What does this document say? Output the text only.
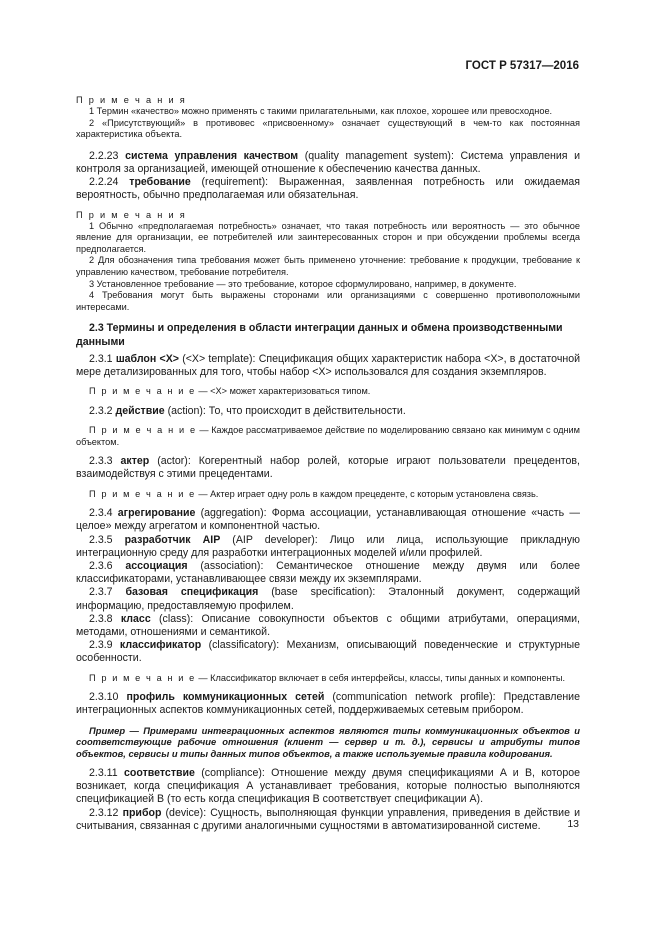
ГОСТ Р 57317—2016

П р и м е ч а н и я

1 Термин «качество» можно применять с такими прилагательными, как плохое, хорошее или превосходное.

2 «Присутствующий» в противовес «присвоенному» означает существующий в чем-то как постоянная характеристика объекта.

2.2.23 система управления качеством (quality management system): Система управления и контроля за организацией, имеющей отношение к обеспечению качества данных.

2.2.24 требование (requirement): Выраженная, заявленная потребность или ожидаемая вероятность, обычно предполагаемая или обязательная.

П р и м е ч а н и я

1 Обычно «предполагаемая потребность» означает, что такая потребность или вероятность — это обычное явление для организации, ее потребителей или заинтересованных сторон и при обсуждении проблемы всегда предполагается.

2 Для обозначения типа требования может быть применено уточнение: требование к продукции, требование к управлению качеством, требование потребителя.

3 Установленное требование — это требование, которое сформулировано, например, в документе.

4 Требования могут быть выражены сторонами или организациями с совершенно противоположными интересами.

2.3 Термины и определения в области интеграции данных и обмена производственными данными

2.3.1 шаблон <X> (<X> template): Спецификация общих характеристик набора <X>, в достаточной мере детализированных для того, чтобы набор <X> использовался для создания экземпляров.

П р и м е ч а н и е — <X> может характеризоваться типом.

2.3.2 действие (action): То, что происходит в действительности.

П р и м е ч а н и е — Каждое рассматриваемое действие по моделированию связано как минимум с одним объектом.

2.3.3 актер (actor): Когерентный набор ролей, которые играют пользователи прецедентов, взаимодействуя с этими прецедентами.

П р и м е ч а н и е — Актер играет одну роль в каждом прецеденте, с которым установлена связь.

2.3.4 агрегирование (aggregation): Форма ассоциации, устанавливающая отношение «часть — целое» между агрегатом и компонентной частью.

2.3.5 разработчик AIP (AIP developer): Лицо или лица, использующие прикладную интеграционную среду для разработки интеграционных моделей и/или профилей.

2.3.6 ассоциация (association): Семантическое отношение между двумя или более классификаторами, устанавливающее связи между их экземплярами.

2.3.7 базовая спецификация (base specification): Эталонный документ, содержащий информацию, предоставляемую профилем.

2.3.8 класс (class): Описание совокупности объектов с общими атрибутами, операциями, методами, отношениями и семантикой.

2.3.9 классификатор (classificatory): Механизм, описывающий поведенческие и структурные особенности.

П р и м е ч а н и е — Классификатор включает в себя интерфейсы, классы, типы данных и компоненты.

2.3.10 профиль коммуникационных сетей (communication network profile): Представление интеграционных аспектов коммуникационных сетей, поддерживаемых сетевым прибором.

Пример — Примерами интеграционных аспектов являются типы коммуникационных объектов и соответствующие рабочие отношения (клиент — сервер и т. д.), сервисы и атрибуты типов объектов, сервисы и типы данных типов объектов, а также используемые правила кодирования.

2.3.11 соответствие (compliance): Отношение между двумя спецификациями A и B, которое возникает, когда спецификация A устанавливает требования, которые полностью выполняются спецификацией B (то есть когда спецификация B соответствует спецификации A).

2.3.12 прибор (device): Сущность, выполняющая функции управления, приведения в действие и считывания, связанная с другими аналогичными сущностями в автоматизированной системе.	13
